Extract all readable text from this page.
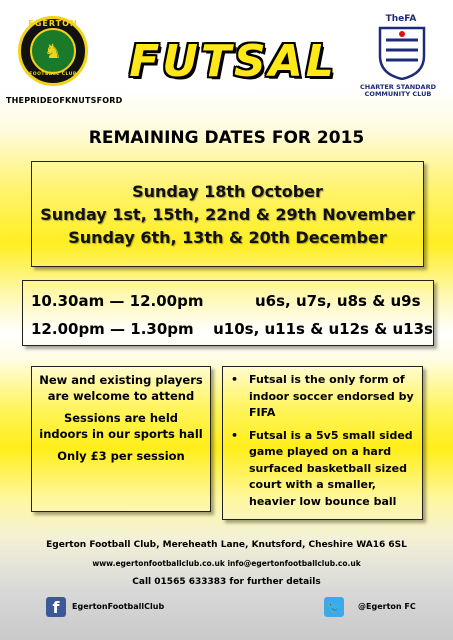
♞
EGERTON
FOOTBALL CLUB
THEPRIDEOFKNUTSFORD
FUTSAL
TheFA
CHARTER STANDARD
COMMUNITY CLUB
REMAINING DATES FOR 2015
Sunday 18th October
Sunday 1st, 15th, 22nd & 29th November
Sunday 6th, 13th & 20th December
10.30am — 12.00pm	u6s, u7s, u8s & u9s
12.00pm — 1.30pm	u10s, u11s & u12s & u13s

New and existing players are welcome to attend

Sessions are held indoors in our sports hall

Only £3 per session

• Futsal is the only form of indoor soccer endorsed by FIFA
• Futsal is a 5v5 small sided game played on a hard surfaced basketball sized court with a smaller, heavier low bounce ball
Egerton Football Club, Mereheath Lane, Knutsford, Cheshire WA16 6SL
www.egertonfootballclub.co.uk info@egertonfootballclub.co.uk
Call 01565 633383 for further details
f	EgertonFootballClub	🐦	@Egerton FC
